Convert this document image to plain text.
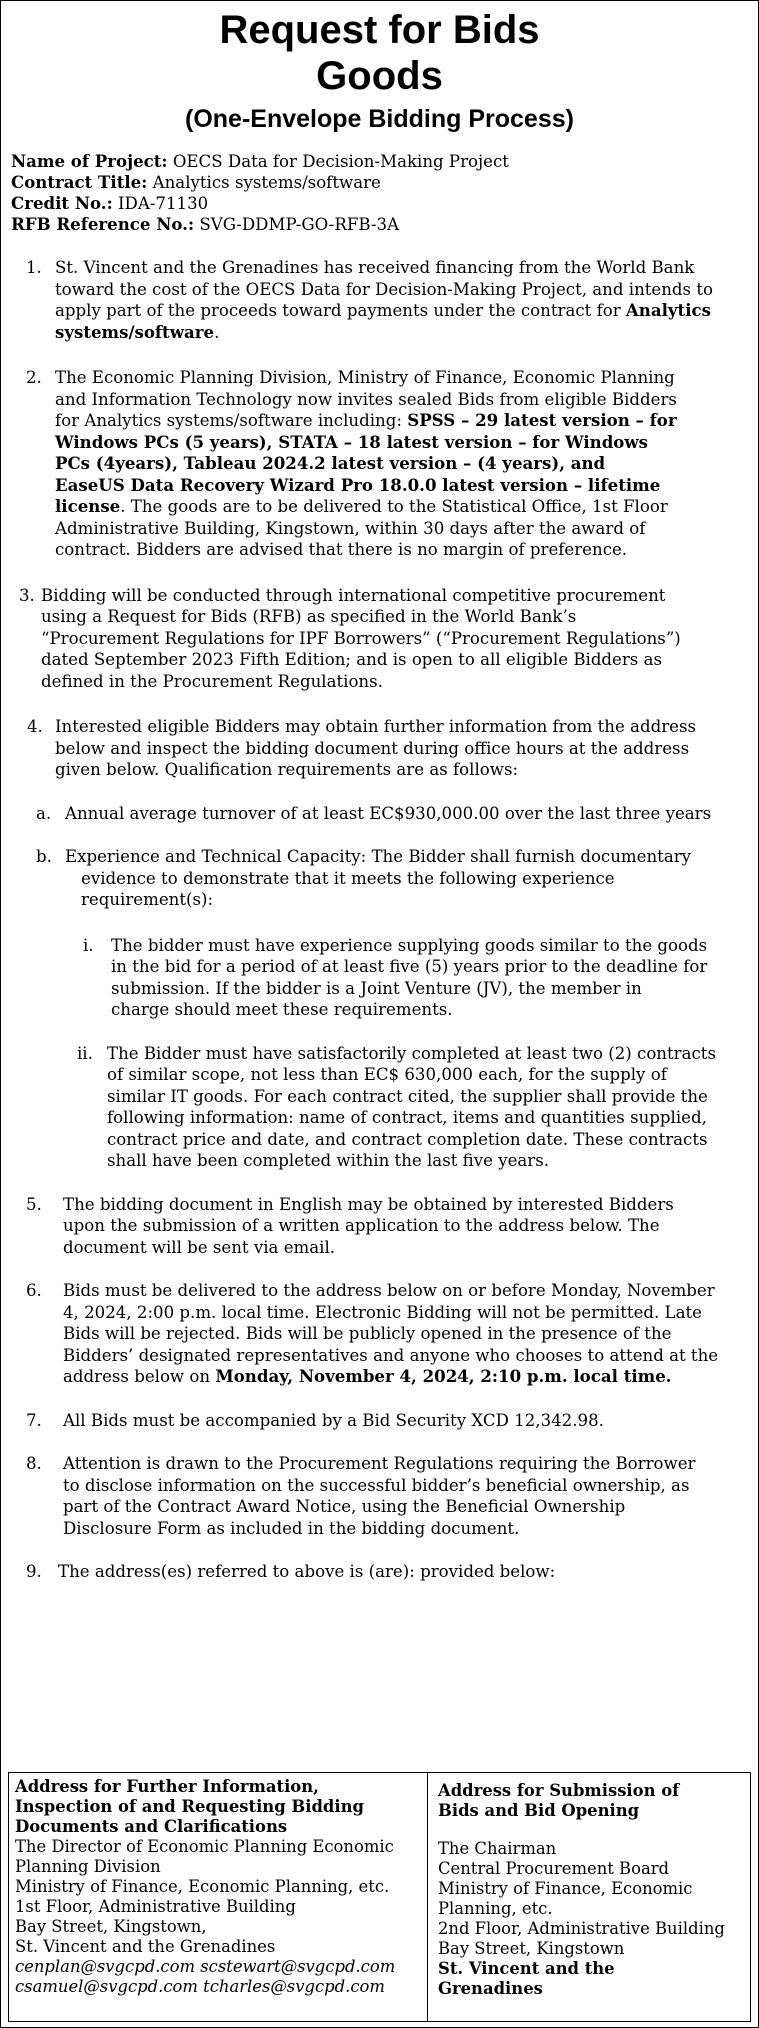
Request for Bids
Goods
(One-Envelope Bidding Process)
Name of Project: OECS Data for Decision-Making Project
Contract Title: Analytics systems/software
Credit No.: IDA-71130
RFB Reference No.: SVG-DDMP-GO-RFB-3A
1. St. Vincent and the Grenadines has received financing from the World Bank
toward the cost of the OECS Data for Decision-Making Project, and intends to
apply part of the proceeds toward payments under the contract for Analytics
systems/software.
2. The Economic Planning Division, Ministry of Finance, Economic Planning
and Information Technology now invites sealed Bids from eligible Bidders
for Analytics systems/software including: SPSS – 29 latest version – for
Windows PCs (5 years), STATA – 18 latest version – for Windows
PCs (4years), Tableau 2024.2 latest version – (4 years), and
EaseUS Data Recovery Wizard Pro 18.0.0 latest version – lifetime
license. The goods are to be delivered to the Statistical Office, 1st Floor
Administrative Building, Kingstown, within 30 days after the award of
contract. Bidders are advised that there is no margin of preference.
3. Bidding will be conducted through international competitive procurement
using a Request for Bids (RFB) as specified in the World Bank’s
“Procurement Regulations for IPF Borrowers” (“Procurement Regulations”)
dated September 2023 Fifth Edition; and is open to all eligible Bidders as
defined in the Procurement Regulations.
4. Interested eligible Bidders may obtain further information from the address
below and inspect the bidding document during office hours at the address
given below. Qualification requirements are as follows:
a. Annual average turnover of at least EC$930,000.00 over the last three years
b. Experience and Technical Capacity: The Bidder shall furnish documentary
evidence to demonstrate that it meets the following experience
requirement(s):
i. The bidder must have experience supplying goods similar to the goods
in the bid for a period of at least five (5) years prior to the deadline for
submission. If the bidder is a Joint Venture (JV), the member in
charge should meet these requirements.
ii. The Bidder must have satisfactorily completed at least two (2) contracts
of similar scope, not less than EC$ 630,000 each, for the supply of
similar IT goods. For each contract cited, the supplier shall provide the
following information: name of contract, items and quantities supplied,
contract price and date, and contract completion date. These contracts
shall have been completed within the last five years.
5. The bidding document in English may be obtained by interested Bidders
upon the submission of a written application to the address below. The
document will be sent via email.
6. Bids must be delivered to the address below on or before Monday, November
4, 2024, 2:00 p.m. local time. Electronic Bidding will not be permitted. Late
Bids will be rejected. Bids will be publicly opened in the presence of the
Bidders’ designated representatives and anyone who chooses to attend at the
address below on Monday, November 4, 2024, 2:10 p.m. local time.
7. All Bids must be accompanied by a Bid Security XCD 12,342.98.
8. Attention is drawn to the Procurement Regulations requiring the Borrower
to disclose information on the successful bidder’s beneficial ownership, as
part of the Contract Award Notice, using the Beneficial Ownership
Disclosure Form as included in the bidding document.
9. The address(es) referred to above is (are): provided below:
Address for Further Information,
Inspection of and Requesting Bidding
Documents and Clarifications
The Director of Economic Planning Economic
Planning Division
Ministry of Finance, Economic Planning, etc.
1st Floor, Administrative Building
Bay Street, Kingstown,
St. Vincent and the Grenadines
cenplan@svgcpd.com scstewart@svgcpd.com
csamuel@svgcpd.com tcharles@svgcpd.com
Address for Submission of
Bids and Bid Opening
The Chairman
Central Procurement Board
Ministry of Finance, Economic
Planning, etc.
2nd Floor, Administrative Building
Bay Street, Kingstown
St. Vincent and the
Grenadines
